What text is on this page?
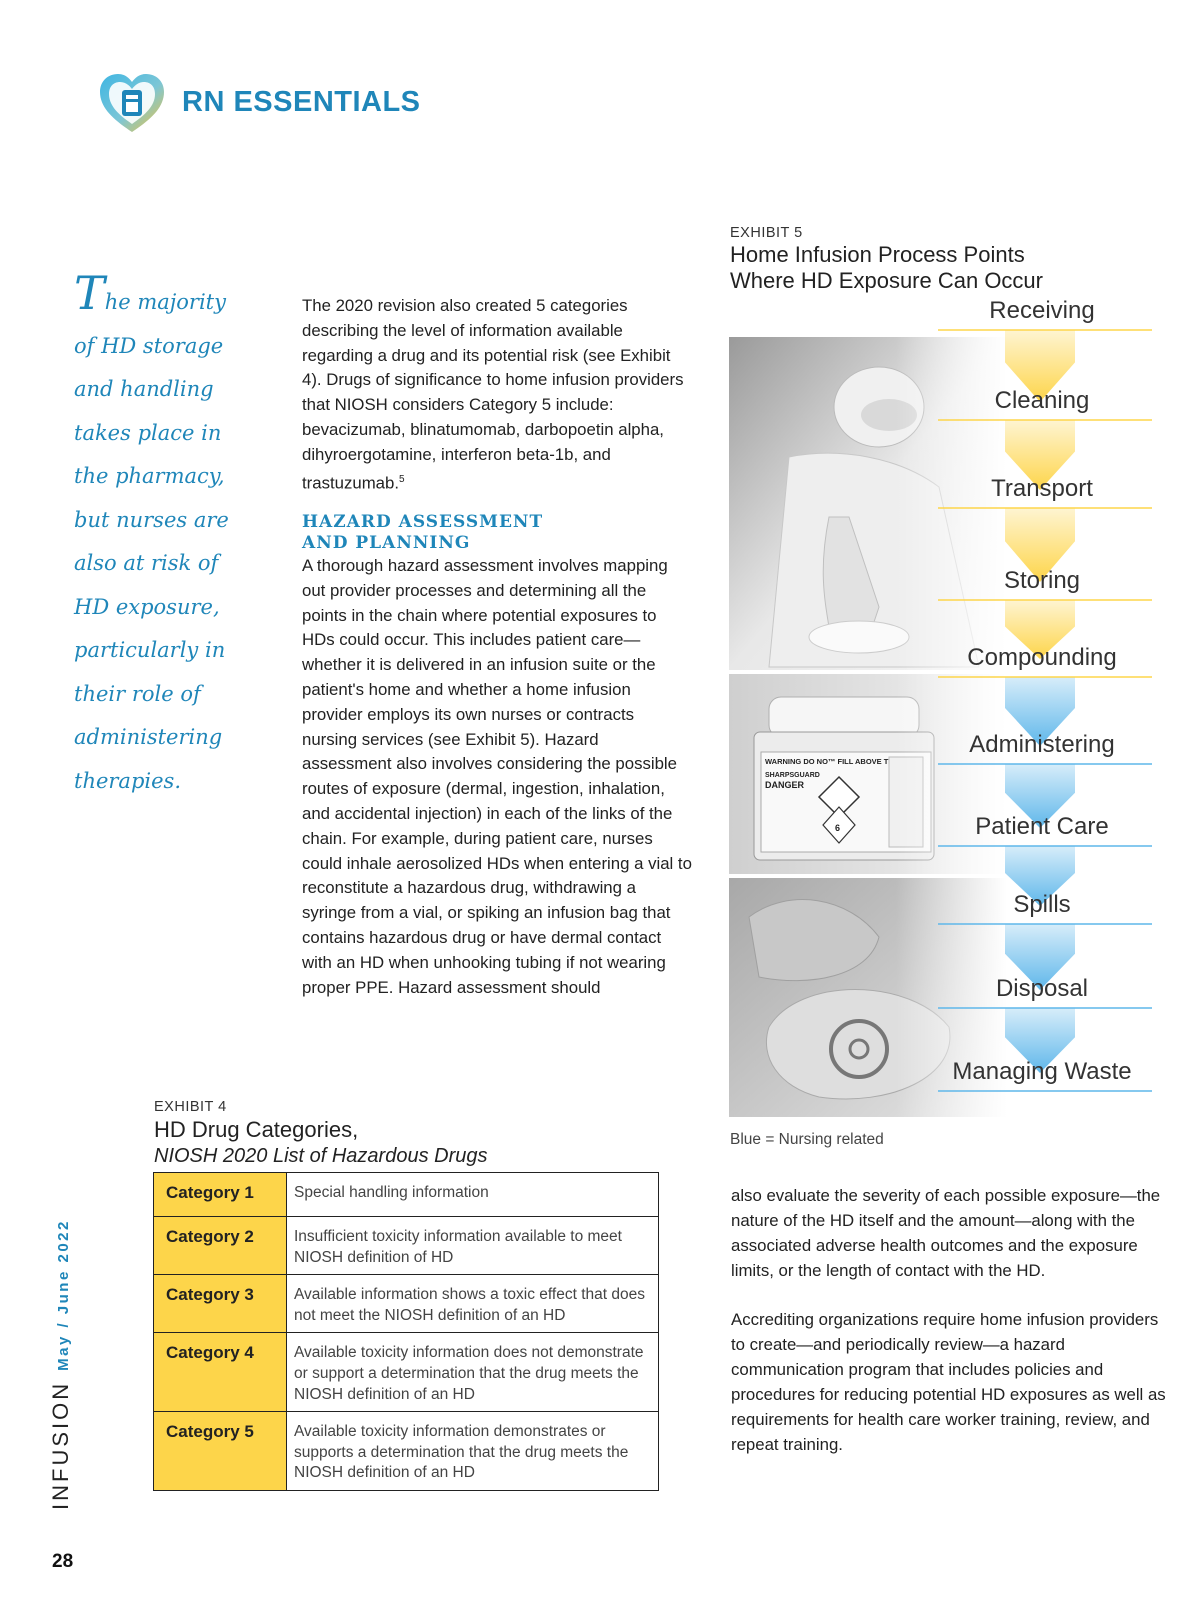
RN ESSENTIALS
The majority
of HD storage
and handling
takes place in
the pharmacy,
but nurses are
also at risk of
HD exposure,
particularly in
their role of
administering
therapies.

The 2020 revision also created 5 categories describing the level of information available regarding a drug and its potential risk (see Exhibit 4). Drugs of significance to home infusion providers that NIOSH considers Category 5 include: bevacizumab, blinatumomab, darbopoetin alpha, dihyroergotamine, interferon beta-1b, and trastuzumab.$^5$

HAZARD ASSESSMENT
AND PLANNING

A thorough hazard assessment involves mapping out provider processes and determining all the points in the chain where potential exposures to HDs could occur. This includes patient care—whether it is delivered in an infusion suite or the patient's home and whether a home infusion provider employs its own nurses or contracts nursing services (see Exhibit 5). Hazard assessment also involves considering the possible routes of exposure (dermal, ingestion, inhalation, and accidental injection) in each of the links of the chain. For example, during patient care, nurses could inhale aerosolized HDs when entering a vial to reconstitute a hazardous drug, withdrawing a syringe from a vial, or spiking an infusion bag that contains hazardous drug or have dermal contact with an HD when unhooking tubing if not wearing proper PPE. Hazard assessment should

EXHIBIT 4
HD Drug Categories,
NIOSH 2020 List of Hazardous Drugs
Category 1	Special handling information
Category 2	Insufficient toxicity information available to meet NIOSH definition of HD
Category 3	Available information shows a toxic effect that does not meet the NIOSH definition of an HD
Category 4	Available toxicity information does not demonstrate or support a determination that the drug meets the NIOSH definition of an HD
Category 5	Available toxicity information demonstrates or supports a determination that the drug meets the NIOSH definition of an HD
EXHIBIT 5
Home Infusion Process Points
Where HD Exposure Can Occur
Receiving
Cleaning
Transport
Storing
Compounding
Administering
Patient Care
Spills
Disposal
Managing Waste
Blue = Nursing related

also evaluate the severity of each possible exposure—the nature of the HD itself and the amount—along with the associated adverse health outcomes and the exposure limits, or the length of contact with the HD.

Accrediting organizations require home infusion providers to create—and periodically review—a hazard communication program that includes policies and procedures for reducing potential HD exposures as well as requirements for health care worker training, review, and repeat training.

INFUSIONMay / June 2022
28
